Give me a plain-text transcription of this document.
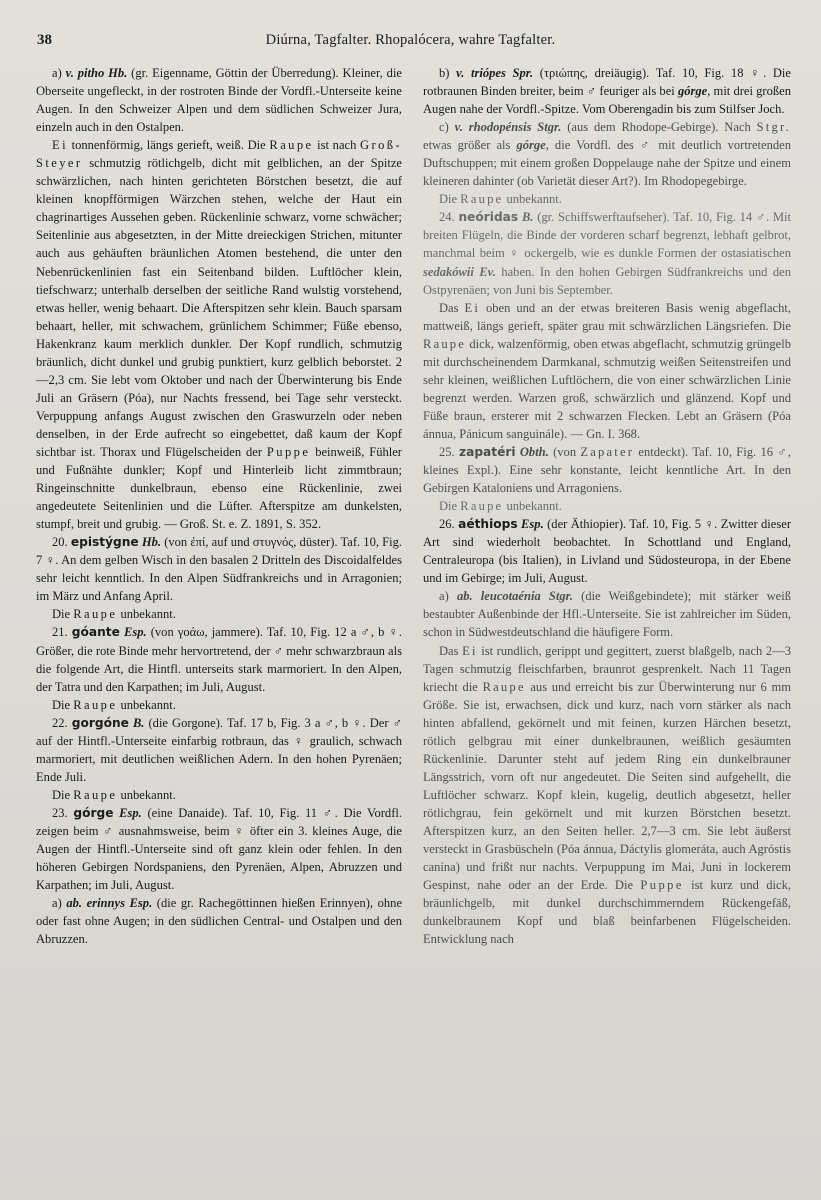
38	Diúrna, Tagfalter. Rhopalócera, wahre Tagfalter.

a) v. pitho Hb. (gr. Eigenname, Göttin der Überredung). Kleiner, die Oberseite ungefleckt, in der rostroten Binde der Vordfl.-Unterseite keine Augen. In den Schweizer Alpen und dem südlichen Schweizer Jura, einzeln auch in den Ostalpen.

Ei tonnenförmig, längs gerieft, weiß. Die Raupe ist nach Groß-Steyer schmutzig rötlichgelb, dicht mit gelblichen, an der Spitze schwärzlichen, nach hinten gerichteten Börstchen besetzt, die auf kleinen knopfförmigen Wärzchen stehen, welche der Haut ein chagrinartiges Aussehen geben. Rückenlinie schwarz, vorne schwächer; Seitenlinie aus abgesetzten, in der Mitte dreieckigen Strichen, mitunter auch aus gehäuften bräunlichen Atomen bestehend, die unter den Nebenrückenlinien fast ein Seitenband bilden. Luftlöcher klein, tiefschwarz; unterhalb derselben der seitliche Rand wulstig vorstehend, etwas heller, wenig behaart. Die Afterspitzen sehr klein. Bauch sparsam behaart, heller, mit schwachem, grünlichem Schimmer; Füße ebenso, Hakenkranz kaum merklich dunkler. Der Kopf rundlich, schmutzig bräunlich, dicht dunkel und grubig punktiert, kurz gelblich beborstet. 2—2,3 cm. Sie lebt vom Oktober und nach der Überwinterung bis Ende Juli an Gräsern (Póa), nur Nachts fressend, bei Tage sehr versteckt. Verpuppung anfangs August zwischen den Graswurzeln oder neben denselben, in der Erde aufrecht so eingebettet, daß kaum der Kopf sichtbar ist. Thorax und Flügelscheiden der Puppe beinweiß, Fühler und Fußnähte dunkler; Kopf und Hinterleib licht zimmtbraun; Ringeinschnitte dunkelbraun, ebenso eine Rückenlinie, zwei angedeutete Seitenlinien und die Lüfter. Afterspitze am dunkelsten, stumpf, breit und grubig. — Groß. St. e. Z. 1891, S. 352.

20. epistýgne Hb. (von ἐπί, auf und στυγνός, düster). Taf. 10, Fig. 7 ♀. An dem gelben Wisch in den basalen 2 Dritteln des Discoidalfeldes sehr leicht kenntlich. In den Alpen Südfrankreichs und in Arragonien; im März und Anfang April.

Die Raupe unbekannt.

21. góante Esp. (von γοάω, jammere). Taf. 10, Fig. 12 a ♂, b ♀. Größer, die rote Binde mehr hervortretend, der ♂ mehr schwarzbraun als die folgende Art, die Hintfl. unterseits stark marmoriert. In den Alpen, der Tatra und den Karpathen; im Juli, August.

Die Raupe unbekannt.

22. gorgóne B. (die Gorgone). Taf. 17 b, Fig. 3 a ♂, b ♀. Der ♂ auf der Hintfl.-Unterseite einfarbig rotbraun, das ♀ graulich, schwach marmoriert, mit deutlichen weißlichen Adern. In den hohen Pyrenäen; Ende Juli.

Die Raupe unbekannt.

23. górge Esp. (eine Danaide). Taf. 10, Fig. 11 ♂. Die Vordfl. zeigen beim ♂ ausnahmsweise, beim ♀ öfter ein 3. kleines Auge, die Augen der Hintfl.-Unterseite sind oft ganz klein oder fehlen. In den höheren Gebirgen Nordspaniens, den Pyrenäen, Alpen, Abruzzen und Karpathen; im Juli, August.

a) ab. erinnys Esp. (die gr. Rachegöttinnen hießen Erinnyen), ohne oder fast ohne Augen; in den südlichen Central- und Ostalpen und den Abruzzen.

b) v. triópes Spr. (τριώπης, dreiäugig). Taf. 10, Fig. 18 ♀. Die rotbraunen Binden breiter, beim ♂ feuriger als bei górge, mit drei großen Augen nahe der Vordfl.-Spitze. Vom Oberengadin bis zum Stilfser Joch.

c) v. rhodopénsis Stgr. (aus dem Rhodope-Gebirge). Nach Stgr. etwas größer als górge, die Vordfl. des ♂ mit deutlich vortretenden Duftschuppen; mit einem großen Doppelauge nahe der Spitze und einem kleineren dahinter (ob Varietät dieser Art?). Im Rhodopegebirge.

Die Raupe unbekannt.

24. neóridas B. (gr. Schiffswerftaufseher). Taf. 10, Fig. 14 ♂. Mit breiten Flügeln, die Binde der vorderen scharf begrenzt, lebhaft gelbrot, manchmal beim ♀ ockergelb, wie es dunkle Formen der ostasiatischen sedakówii Ev. haben. In den hohen Gebirgen Südfrankreichs und den Ostpyrenäen; von Juni bis September.

Das Ei oben und an der etwas breiteren Basis wenig abgeflacht, mattweiß, längs gerieft, später grau mit schwärzlichen Längsriefen. Die Raupe dick, walzenförmig, oben etwas abgeflacht, schmutzig grüngelb mit durchscheinendem Darmkanal, schmutzig weißen Seitenstreifen und sehr kleinen, weißlichen Luftlöchern, die von einer schwärzlichen Linie begrenzt werden. Warzen groß, schwärzlich und glänzend. Kopf und Füße braun, ersterer mit 2 schwarzen Flecken. Lebt an Gräsern (Póa ánnua, Pánicum sanguinále). — Gn. I. 368.

25. zapatéri Obth. (von Zapater entdeckt). Taf. 10, Fig. 16 ♂, kleines Expl.). Eine sehr konstante, leicht kenntliche Art. In den Gebirgen Kataloniens und Arragoniens.

Die Raupe unbekannt.

26. aéthiops Esp. (der Äthiopier). Taf. 10, Fig. 5 ♀. Zwitter dieser Art sind wiederholt beobachtet. In Schottland und England, Centraleuropa (bis Italien), in Livland und Südosteuropa, in der Ebene und im Gebirge; im Juli, August.

a) ab. leucotaénia Stgr. (die Weißgebindete); mit stärker weiß bestaubter Außenbinde der Hfl.-Unterseite. Sie ist zahlreicher im Süden, schon in Südwestdeutschland die häufigere Form.

Das Ei ist rundlich, gerippt und gegittert, zuerst blaßgelb, nach 2—3 Tagen schmutzig fleischfarben, braunrot gesprenkelt. Nach 11 Tagen kriecht die Raupe aus und erreicht bis zur Überwinterung nur 6 mm Größe. Sie ist, erwachsen, dick und kurz, nach vorn stärker als nach hinten abfallend, gekörnelt und mit feinen, kurzen Härchen besetzt, rötlich gelbgrau mit einer dunkelbraunen, weißlich gesäumten Rückenlinie. Darunter steht auf jedem Ring ein dunkelbrauner Längsstrich, vorn oft nur angedeutet. Die Seiten sind aufgehellt, die Luftlöcher schwarz. Kopf klein, kugelig, deutlich abgesetzt, heller rötlichgrau, fein gekörnelt und mit kurzen Börstchen besetzt. Afterspitzen kurz, an den Seiten heller. 2,7—3 cm. Sie lebt äußerst versteckt in Grasbüscheln (Póa ánnua, Dáctylis glomeráta, auch Agróstis canína) und frißt nur nachts. Verpuppung im Mai, Juni in lockerem Gespinst, nahe oder an der Erde. Die Puppe ist kurz und dick, bräunlichgelb, mit dunkel durchschimmerndem Rückengefäß, dunkelbraunem Kopf und blaß beinfarbenen Flügelscheiden. Entwicklung nach
